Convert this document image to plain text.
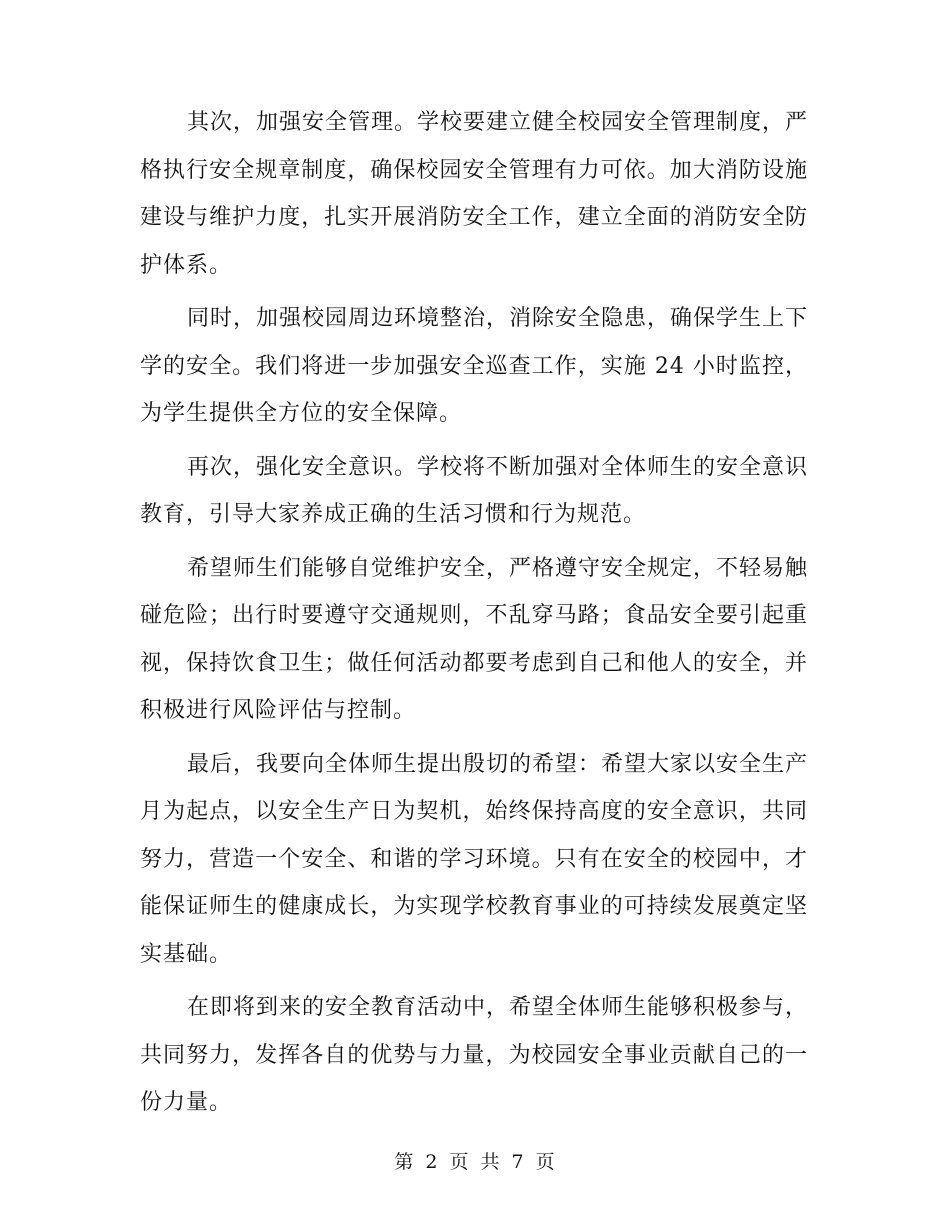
其次，加强安全管理。学校要建立健全校园安全管理制度，严格执行安全规章制度，确保校园安全管理有力可依。加大消防设施建设与维护力度，扎实开展消防安全工作，建立全面的消防安全防护体系。

同时，加强校园周边环境整治，消除安全隐患，确保学生上下学的安全。我们将进一步加强安全巡查工作，实施 24 小时监控，为学生提供全方位的安全保障。

再次，强化安全意识。学校将不断加强对全体师生的安全意识教育，引导大家养成正确的生活习惯和行为规范。

希望师生们能够自觉维护安全，严格遵守安全规定，不轻易触碰危险；出行时要遵守交通规则，不乱穿马路；食品安全要引起重视，保持饮食卫生；做任何活动都要考虑到自己和他人的安全，并积极进行风险评估与控制。

最后，我要向全体师生提出殷切的希望：希望大家以安全生产月为起点，以安全生产日为契机，始终保持高度的安全意识，共同努力，营造一个安全、和谐的学习环境。只有在安全的校园中，才能保证师生的健康成长，为实现学校教育事业的可持续发展奠定坚实基础。

在即将到来的安全教育活动中，希望全体师生能够积极参与，共同努力，发挥各自的优势与力量，为校园安全事业贡献自己的一份力量。

第 2 页 共 7 页
